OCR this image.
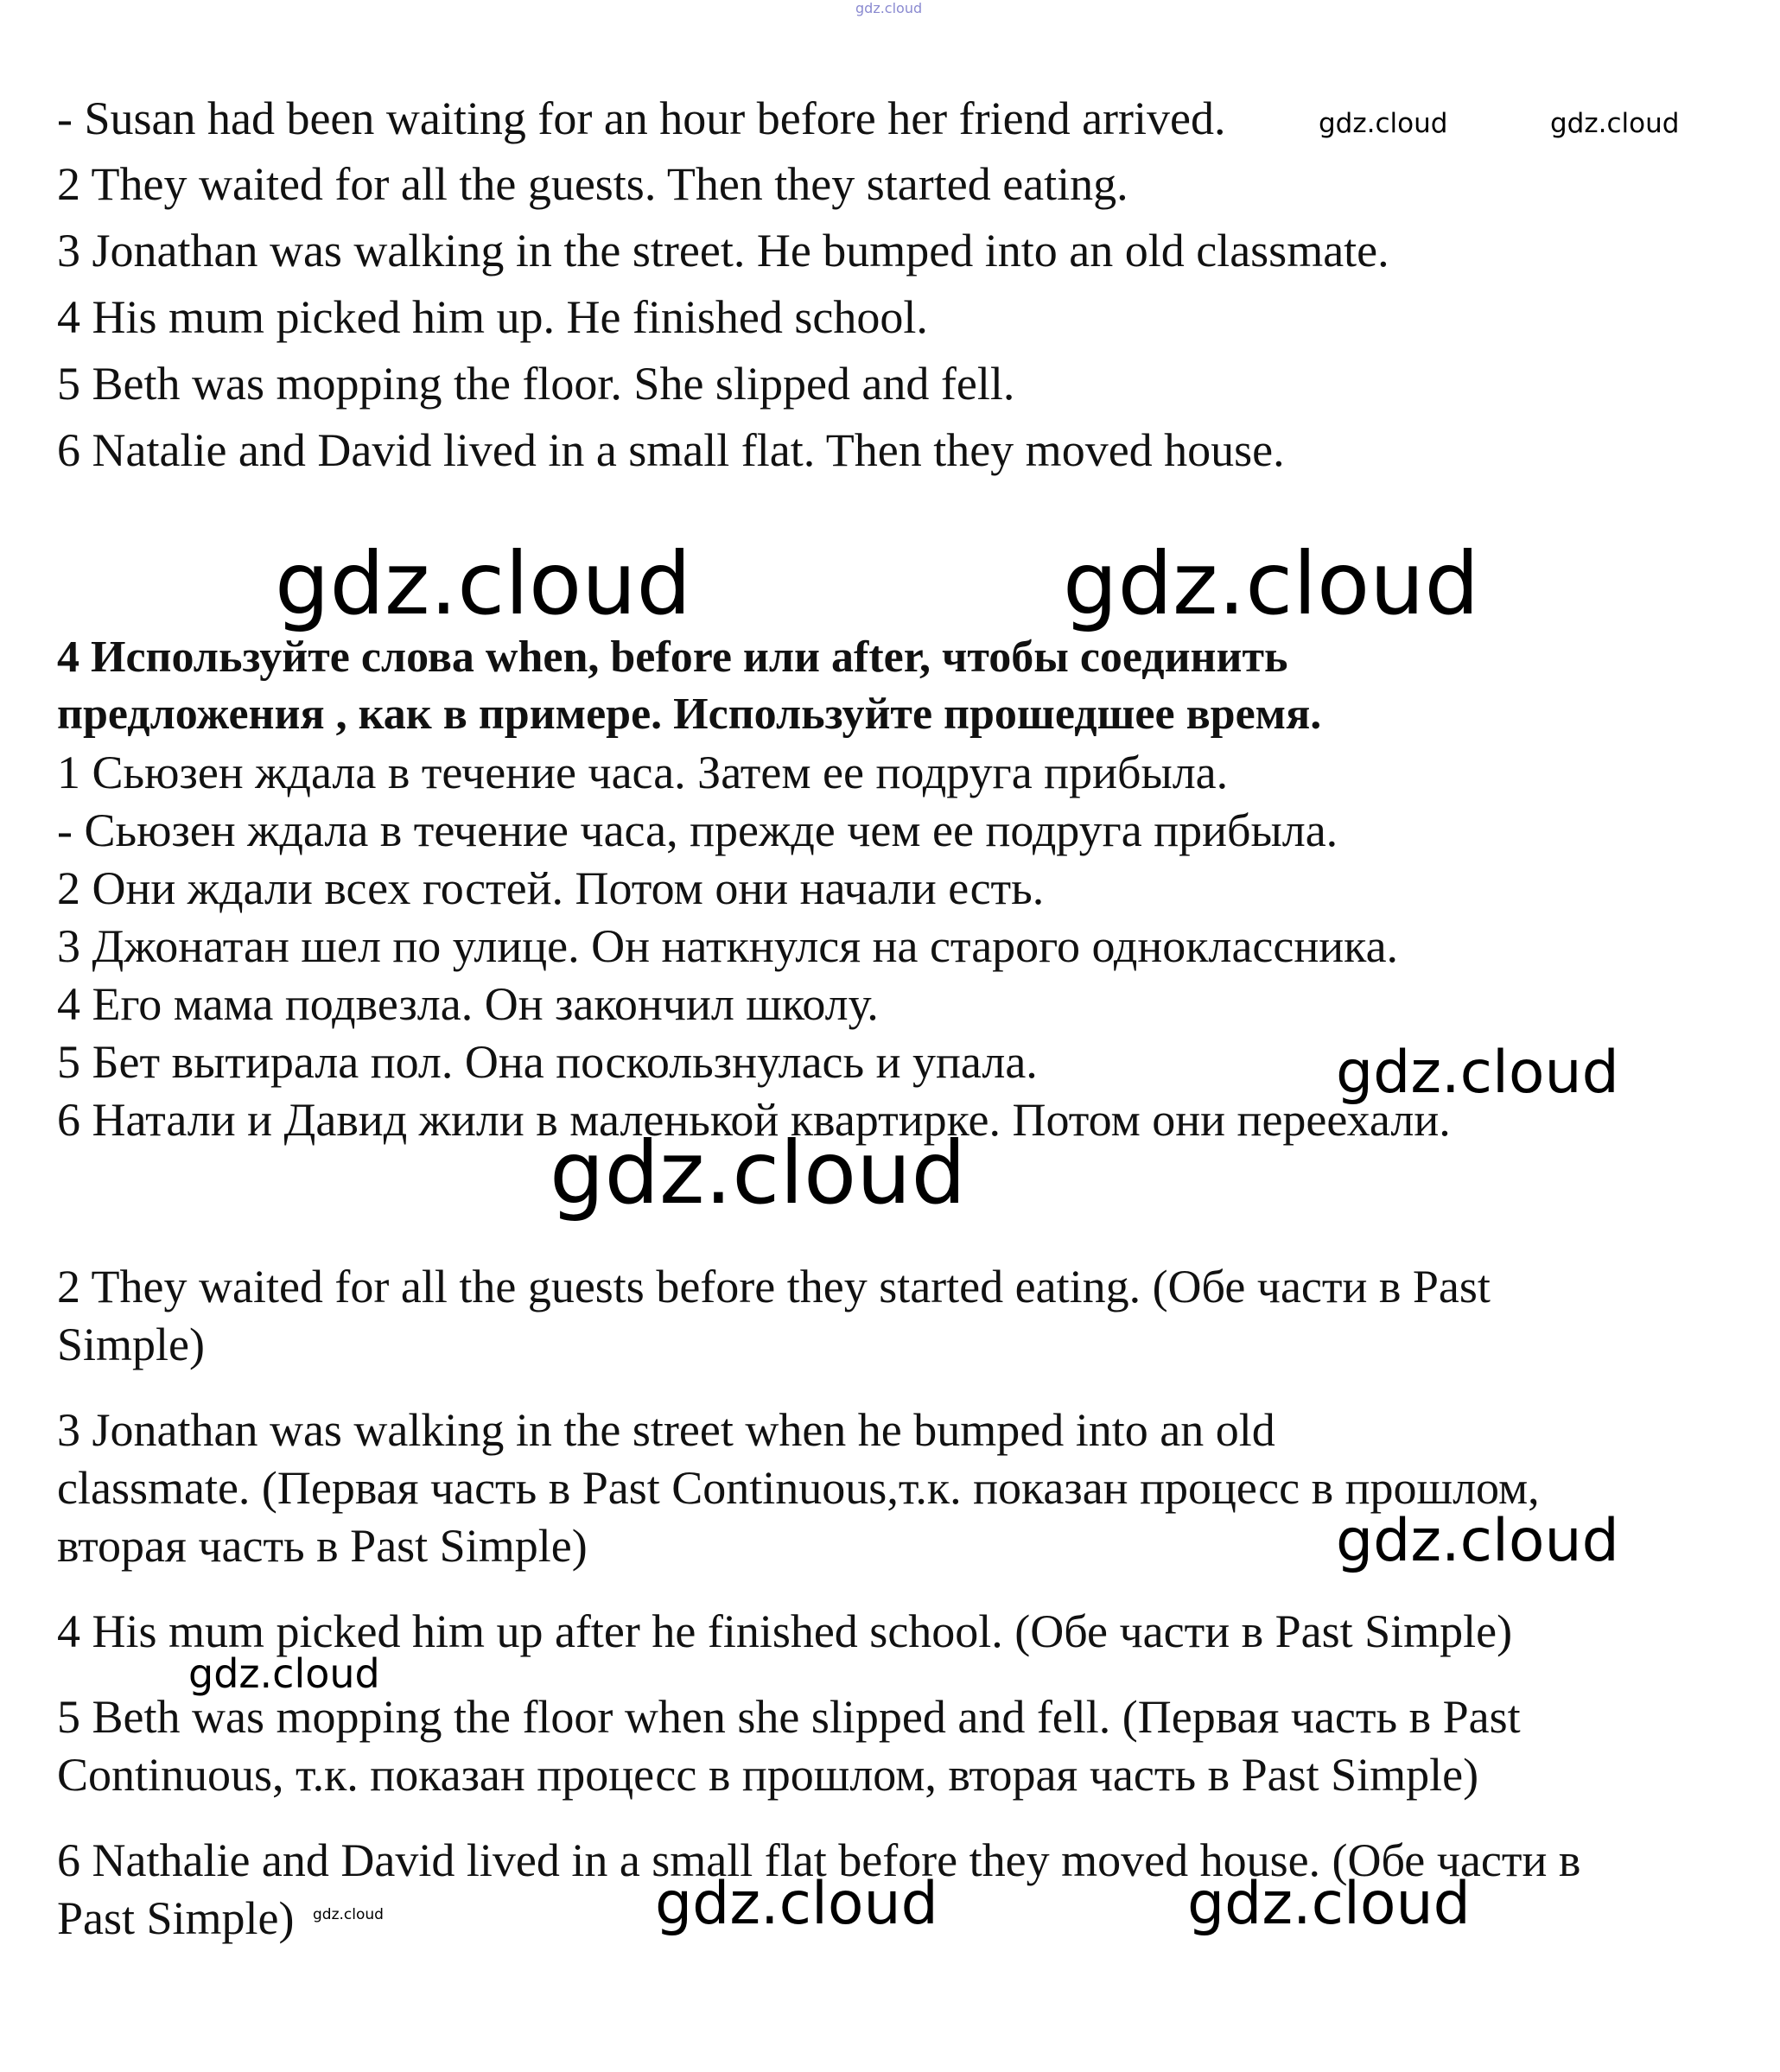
gdz.cloud
gdz.cloud	gdz.cloud
gdz.cloud	gdz.cloud
gdz.cloud
gdz.cloud
gdz.cloud
gdz.cloud
gdz.cloud	gdz.cloud
gdz.cloud
- Susan had been waiting for an hour before her friend arrived.
2 They waited for all the guests. Then they started eating.
3 Jonathan was walking in the street. He bumped into an old classmate.
4 His mum picked him up. He finished school.
5 Beth was mopping the floor. She slipped and fell.
6 Natalie and David lived in a small flat. Then they moved house.
4 Используйте слова when, before или after, чтобы соединить
предложения , как в примере. Используйте прошедшее время.
1 Сьюзен ждала в течение часа. Затем ее подруга прибыла.
- Сьюзен ждала в течение часа, прежде чем ее подруга прибыла.
2 Они ждали всех гостей. Потом они начали есть.
3 Джонатан шел по улице. Он наткнулся на старого одноклассника.
4 Его мама подвезла. Он закончил школу.
5 Бет вытирала пол. Она поскользнулась и упала.
6 Натали и Давид жили в маленькой квартирке. Потом они переехали.
2 They waited for all the guests before they started eating. (Обе части в Past
Simple)
3 Jonathan was walking in the street when he bumped into an old
classmate. (Первая часть в Past Continuous,т.к. показан процесс в прошлом,
вторая часть в Past Simple)
4 His mum picked him up after he finished school. (Обе части в Past Simple)
5 Beth was mopping the floor when she slipped and fell. (Первая часть в Past
Continuous, т.к. показан процесс в прошлом, вторая часть в Past Simple)
6 Nathalie and David lived in a small flat before they moved house. (Обе части в
Past Simple)
